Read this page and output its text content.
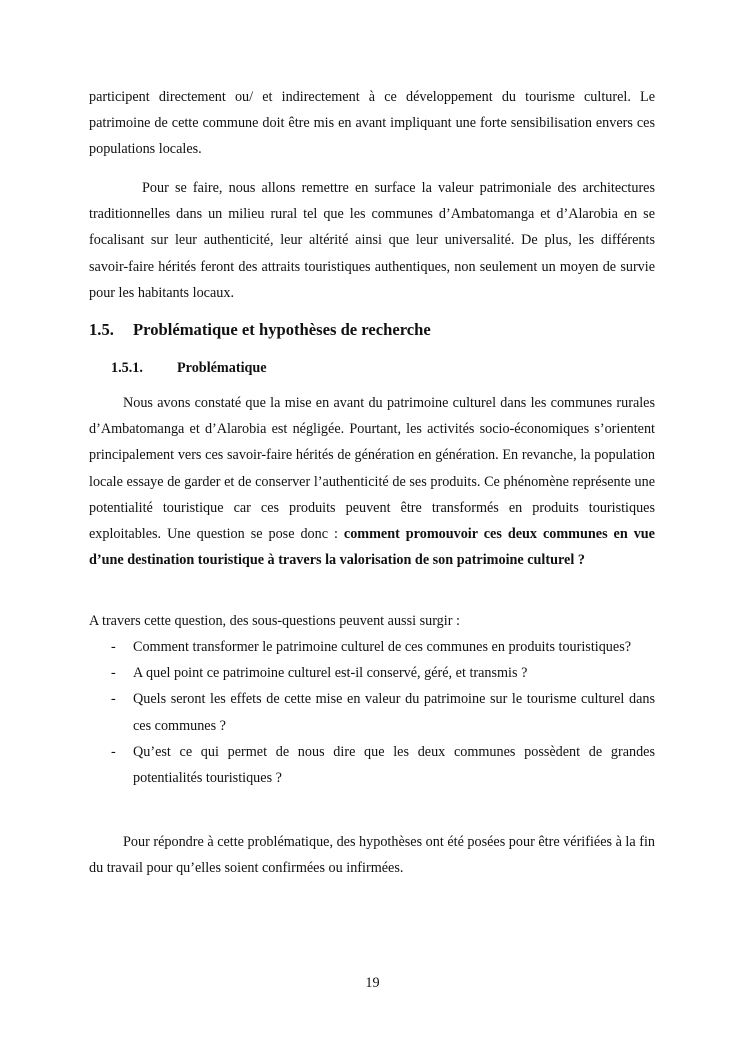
participent directement ou/ et indirectement à ce développement du tourisme culturel. Le patrimoine de cette commune doit être mis en avant impliquant une forte sensibilisation envers ces populations locales.

Pour se faire, nous allons remettre en surface la valeur patrimoniale des architectures traditionnelles dans un milieu rural tel que les communes d’Ambatomanga et d’Alarobia en se focalisant sur leur authenticité, leur altérité ainsi que leur universalité. De plus, les différents savoir-faire hérités feront des attraits touristiques authentiques, non seulement un moyen de survie pour les habitants locaux.

1.5. Problématique et hypothèses de recherche
1.5.1. Problématique

Nous avons constaté que la mise en avant du patrimoine culturel dans les communes rurales d’Ambatomanga et d’Alarobia est négligée. Pourtant, les activités socio-économiques s’orientent principalement vers ces savoir-faire hérités de génération en génération. En revanche, la population locale essaye de garder et de conserver l’authenticité de ses produits. Ce phénomène représente une potentialité touristique car ces produits peuvent être transformés en produits touristiques exploitables. Une question se pose donc : comment promouvoir ces deux communes en vue d’une destination touristique à travers la valorisation de son patrimoine culturel ?

A travers cette question, des sous-questions peuvent aussi surgir :

- Comment transformer le patrimoine culturel de ces communes en produits touristiques?
- A quel point ce patrimoine culturel est-il conservé, géré, et transmis ?
- Quels seront les effets de cette mise en valeur du patrimoine sur le tourisme culturel dans ces communes ?
- Qu’est ce qui permet de nous dire que les deux communes possèdent de grandes potentialités touristiques ?

Pour répondre à cette problématique, des hypothèses ont été posées pour être vérifiées à la fin du travail pour qu’elles soient confirmées ou infirmées.

19
